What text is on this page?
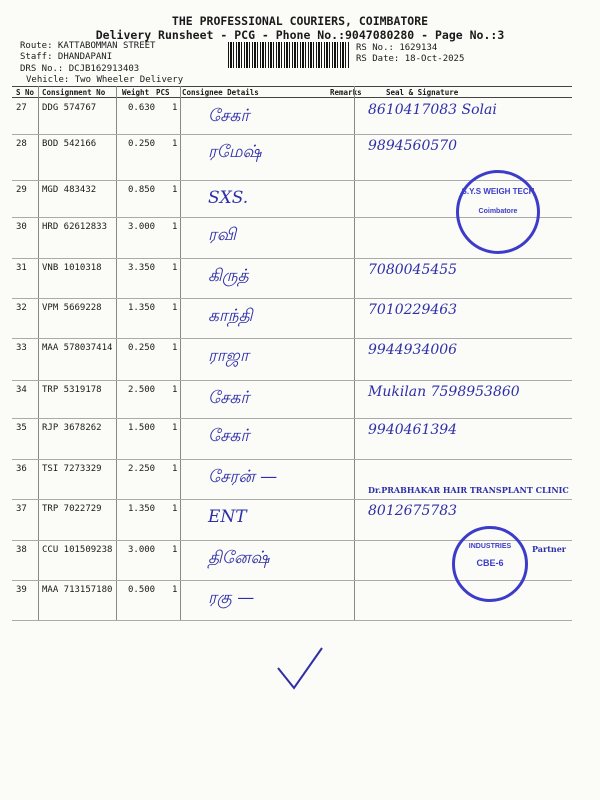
THE PROFESSIONAL COURIERS, COIMBATORE
Delivery Runsheet - PCG - Phone No.:9047080280 - Page No.:3
Route: KATTABOMMAN STREET
Staff: DHANDAPANI
DRS No.: DCJB162913403
Vehicle: Two Wheeler Delivery
RS No.: 1629134
RS Date: 18-Oct-2025
S No Consignment No Weight PCS Consignee Details	Remarks	Seal & Signature
27 DDG 574767	0.630 1 சேகர்	8610417083 Solai
28 BOD 542166	0.250 1 ரமேஷ்	9894560570
29 MGD 483432	0.850 1 SXS.
30 HRD 62612833 3.000 1 ரவி
31 VNB 1010318	3.350 1 கிருத்	7080045455
32 VPM 5669228	1.350 1 காந்தி	7010229463
33 MAA 578037414 0.250 1 ராஜா	9944934006
34 TRP 5319178	2.500 1 சேகர்	Mukilan 7598953860
35 RJP 3678262	1.500 1 சேகர்	9940461394
36 TSI 7273329	2.250 1 சேரன் —
Dr.PRABHAKAR HAIR TRANSPLANT CLINIC
37 TRP 7022729	1.350 1 ENT	8012675783
38 CCU 101509238 3.000 1 தினேஷ்	Partner
39 MAA 713157180 0.500 1 ரகு —
S.Y.S WEIGH TECH
Coimbatore
INDUSTRIES
CBE-6
